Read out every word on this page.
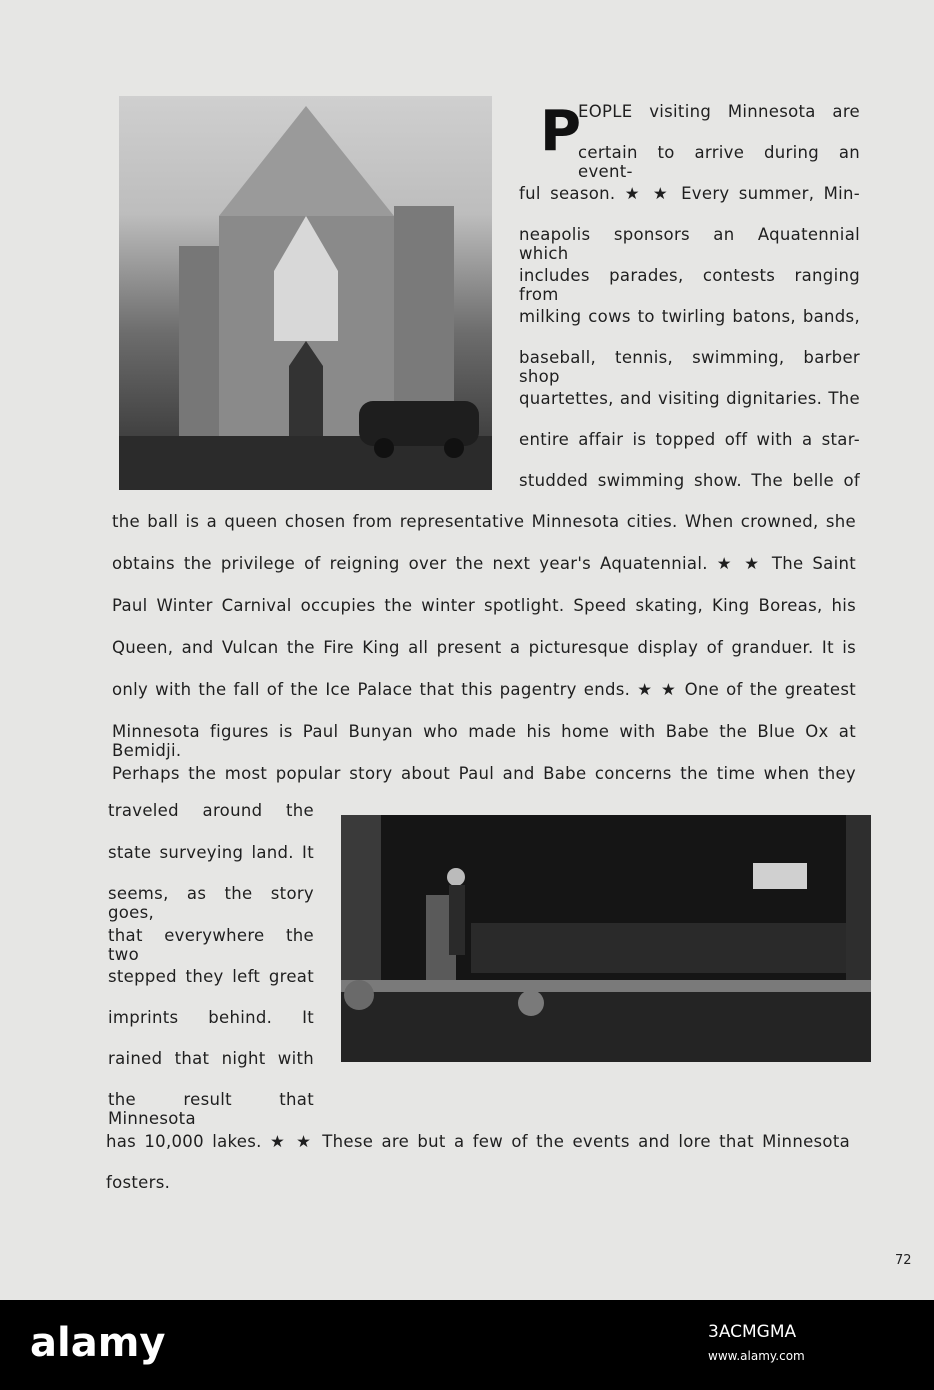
P
EOPLE visiting Minnesota are
certain to arrive during an event-
ful season. ★ ★ Every summer, Min-
neapolis sponsors an Aquatennial which
includes parades, contests ranging from
milking cows to twirling batons, bands,
baseball, tennis, swimming, barber shop
quartettes, and visiting dignitaries. The
entire affair is topped off with a star-
studded swimming show. The belle of
the ball is a queen chosen from representative Minnesota cities. When crowned, she
obtains the privilege of reigning over the next year's Aquatennial. ★ ★ The Saint
Paul Winter Carnival occupies the winter spotlight. Speed skating, King Boreas, his
Queen, and Vulcan the Fire King all present a picturesque display of granduer. It is
only with the fall of the Ice Palace that this pagentry ends. ★ ★ One of the greatest
Minnesota figures is Paul Bunyan who made his home with Babe the Blue Ox at Bemidji.
Perhaps the most popular story about Paul and Babe concerns the time when they
traveled around the
state surveying land. It
seems, as the story goes,
that everywhere the two
stepped they left great
imprints behind. It
rained that night with
the result that Minnesota
has 10,000 lakes. ★ ★ These are but a few of the events and lore that Minnesota
fosters.
72
alamy	3ACMGMA
www.alamy.com
